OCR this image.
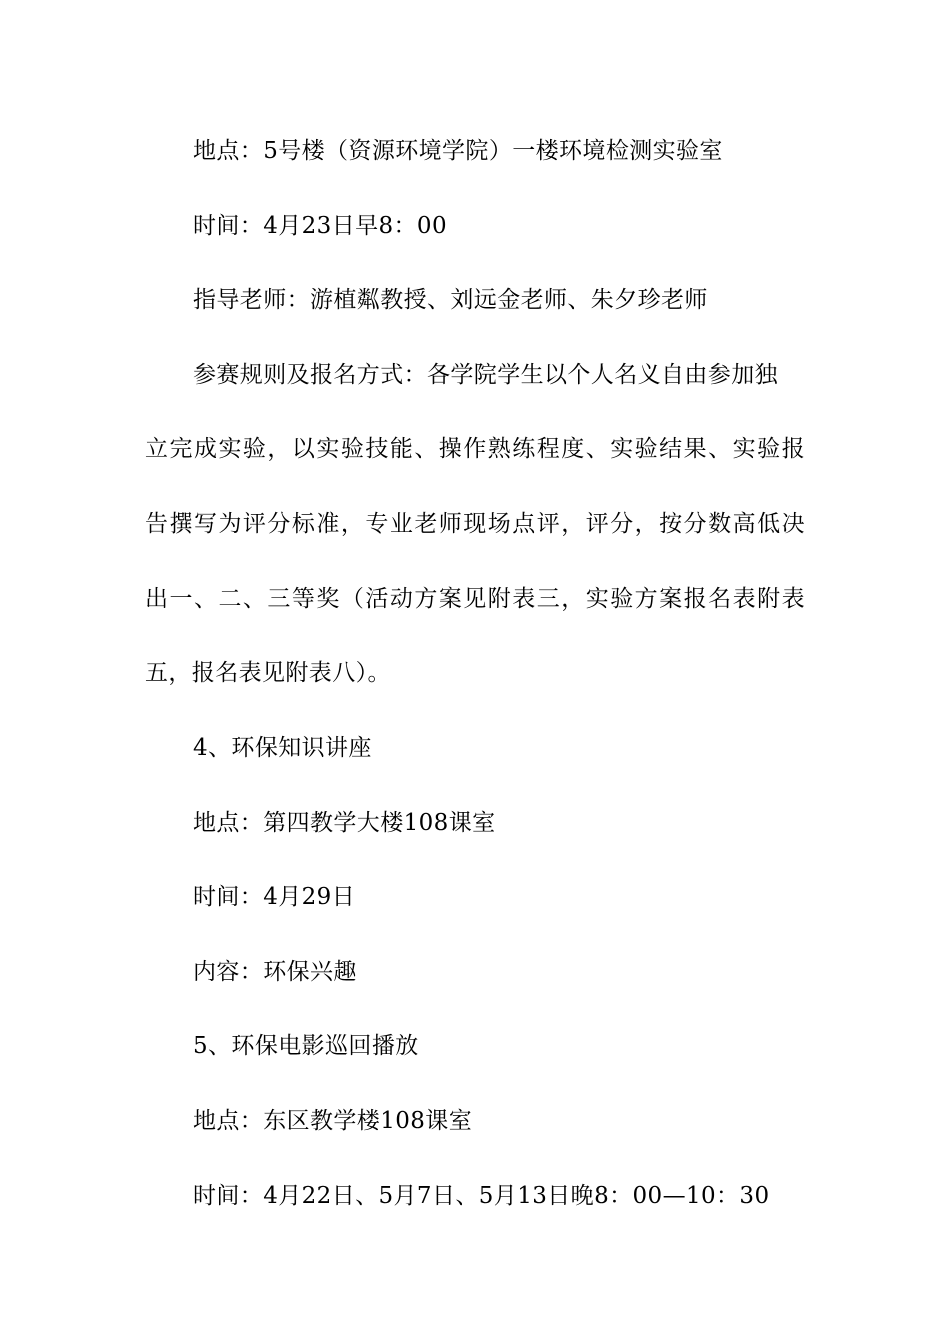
地点：5号楼（资源环境学院）一楼环境检测实验室
时间：4月23日早8：00
指导老师：游植粼教授、刘远金老师、朱夕珍老师
参赛规则及报名方式：各学院学生以个人名义自由参加独
立完成实验，以实验技能、操作熟练程度、实验结果、实验报
告撰写为评分标准，专业老师现场点评，评分，按分数高低决
出一、二、三等奖（活动方案见附表三，实验方案报名表附表
五，报名表见附表八）。
4、环保知识讲座
地点：第四教学大楼108课室
时间：4月29日
内容：环保兴趣
5、环保电影巡回播放
地点：东区教学楼108课室
时间：4月22日、5月7日、5月13日晚8：00—10：30
